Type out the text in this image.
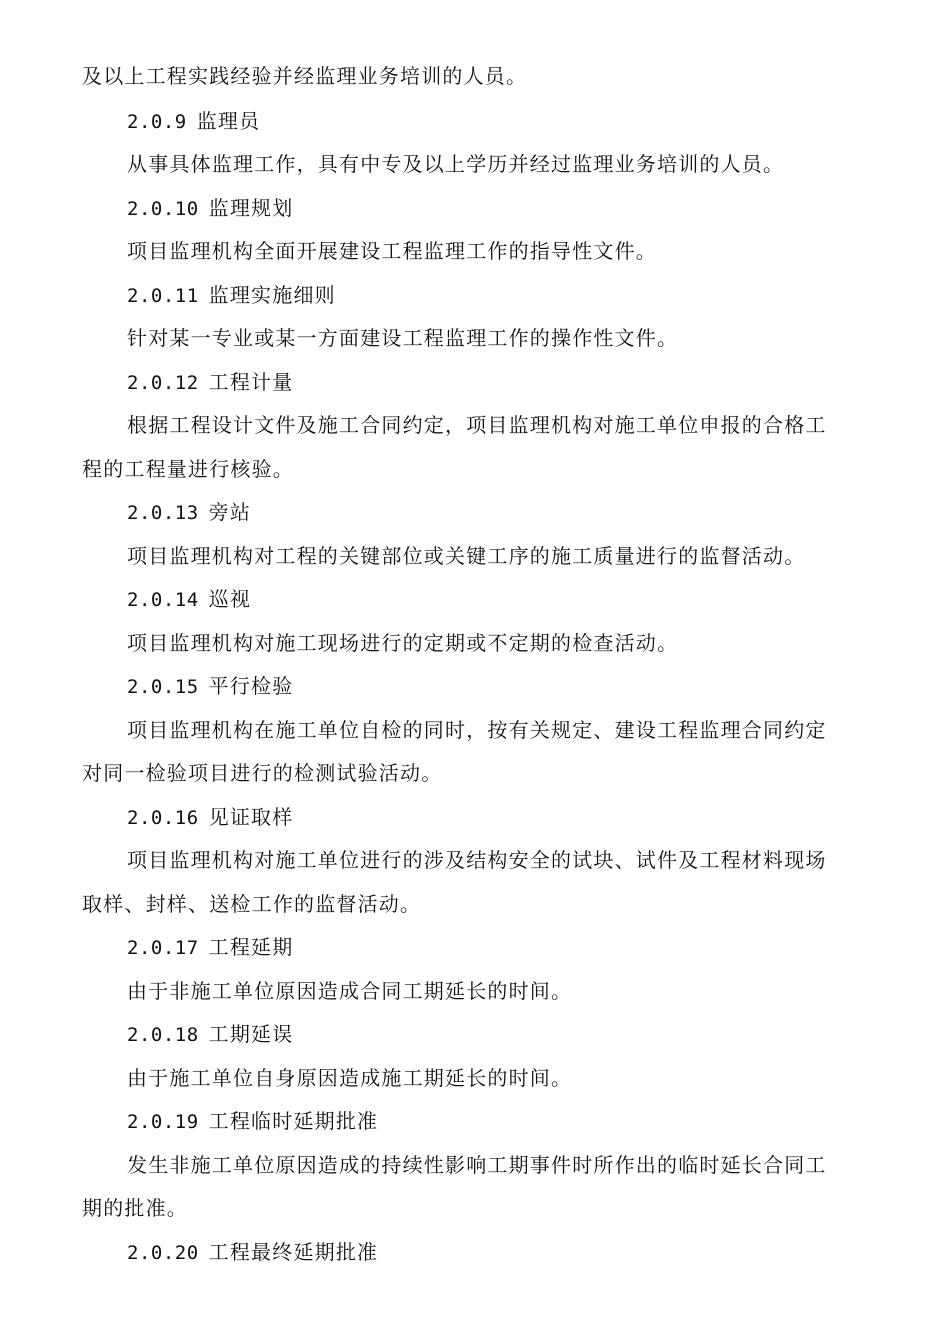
及以上工程实践经验并经监理业务培训的人员。
2.0.9 监理员
从事具体监理工作，具有中专及以上学历并经过监理业务培训的人员。
2.0.10 监理规划
项目监理机构全面开展建设工程监理工作的指导性文件。
2.0.11 监理实施细则
针对某一专业或某一方面建设工程监理工作的操作性文件。
2.0.12 工程计量
根据工程设计文件及施工合同约定，项目监理机构对施工单位申报的合格工
程的工程量进行核验。
2.0.13 旁站
项目监理机构对工程的关键部位或关键工序的施工质量进行的监督活动。
2.0.14 巡视
项目监理机构对施工现场进行的定期或不定期的检查活动。
2.0.15 平行检验
项目监理机构在施工单位自检的同时，按有关规定、建设工程监理合同约定
对同一检验项目进行的检测试验活动。
2.0.16 见证取样
项目监理机构对施工单位进行的涉及结构安全的试块、试件及工程材料现场
取样、封样、送检工作的监督活动。
2.0.17 工程延期
由于非施工单位原因造成合同工期延长的时间。
2.0.18 工期延误
由于施工单位自身原因造成施工期延长的时间。
2.0.19 工程临时延期批准
发生非施工单位原因造成的持续性影响工期事件时所作出的临时延长合同工
期的批准。
2.0.20 工程最终延期批准
